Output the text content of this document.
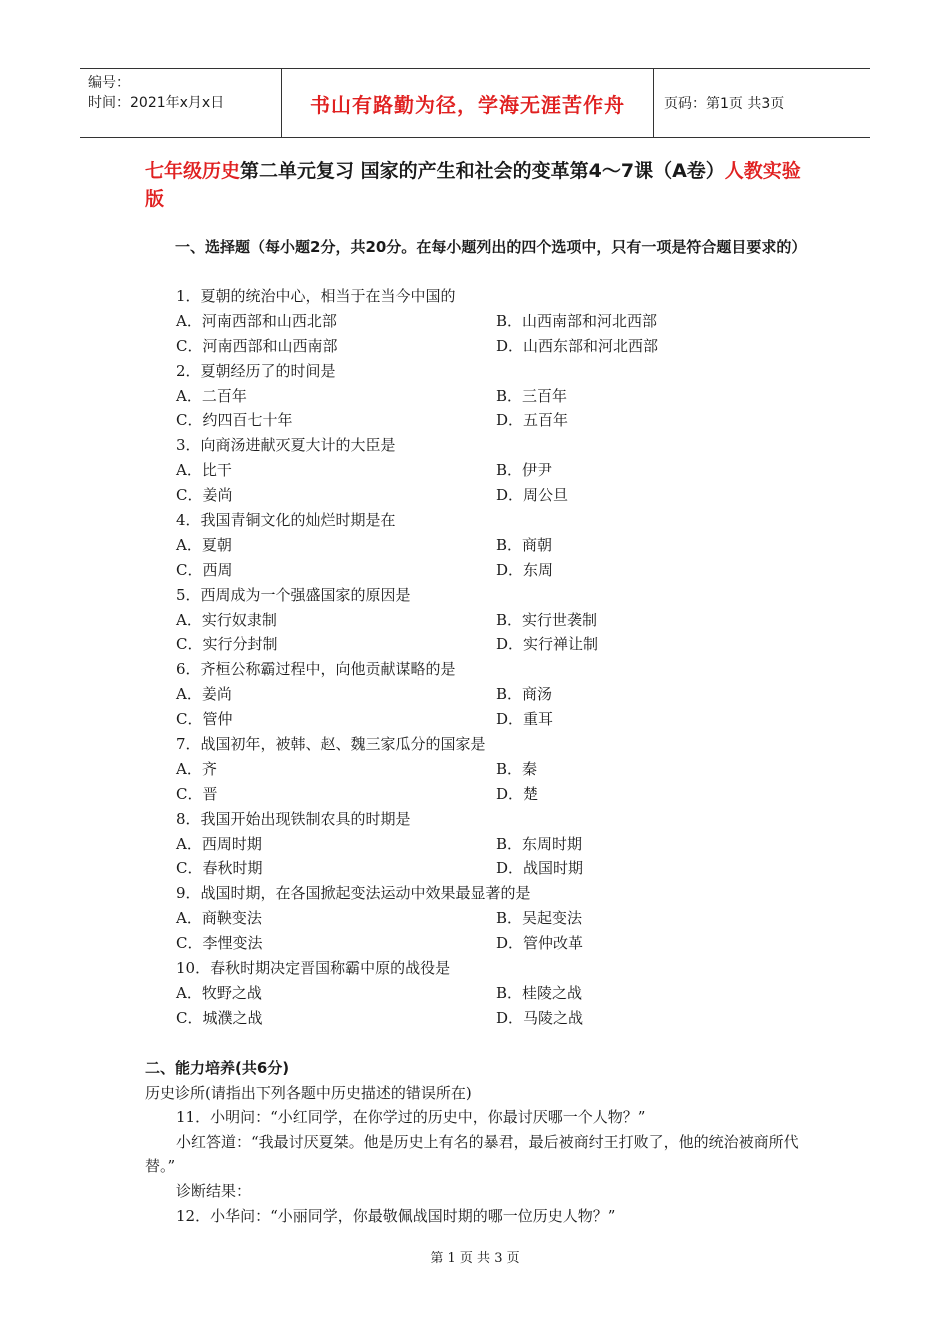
编号：
时间：2021年x月x日	书山有路勤为径，学海无涯苦作舟	页码：第1页 共3页
七年级历史第二单元复习 国家的产生和社会的变革第4～7课（A卷）人教实验版
一、选择题（每小题2分，共20分。在每小题列出的四个选项中，只有一项是符合题目要求的）
1．夏朝的统治中心，相当于在当今中国的
A．河南西部和山西北部	B．山西南部和河北西部
C．河南西部和山西南部	D．山西东部和河北西部
2．夏朝经历了的时间是
A．二百年	B．三百年
C．约四百七十年	D．五百年
3．向商汤进献灭夏大计的大臣是
A．比干	B．伊尹
C．姜尚	D．周公旦
4．我国青铜文化的灿烂时期是在
A．夏朝	B．商朝
C．西周	D．东周
5．西周成为一个强盛国家的原因是
A．实行奴隶制	B．实行世袭制
C．实行分封制	D．实行禅让制
6．齐桓公称霸过程中，向他贡献谋略的是
A．姜尚	B．商汤
C．管仲	D．重耳
7．战国初年，被韩、赵、魏三家瓜分的国家是
A．齐	B．秦
C．晋	D．楚
8．我国开始出现铁制农具的时期是
A．西周时期	B．东周时期
C．春秋时期	D．战国时期
9．战国时期，在各国掀起变法运动中效果最显著的是
A．商鞅变法	B．吴起变法
C．李悝变法	D．管仲改革
10．春秋时期决定晋国称霸中原的战役是
A．牧野之战	B．桂陵之战
C．城濮之战	D．马陵之战
二、能力培养(共6分)
历史诊所(请指出下列各题中历史描述的错误所在)
11．小明问：“小红同学，在你学过的历史中，你最讨厌哪一个人物？”
小红答道：“我最讨厌夏桀。他是历史上有名的暴君，最后被商纣王打败了，他的统治被商所代替。”
诊断结果：
12．小华问：“小丽同学，你最敬佩战国时期的哪一位历史人物？”
第 1 页 共 3 页
